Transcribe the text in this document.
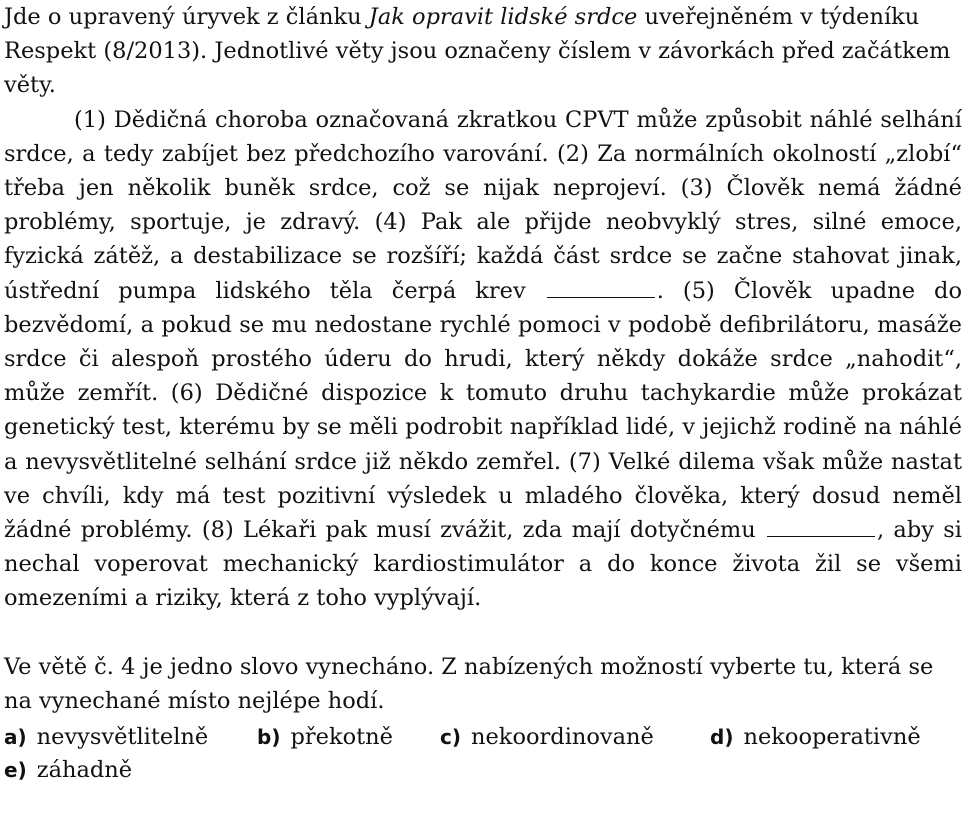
Jde o upravený úryvek z článku Jak opravit lidské srdce uveřejněném v týdeníku Respekt (8/2013). Jednotlivé věty jsou označeny číslem v závorkách před začátkem věty.

(1) Dědičná choroba označovaná zkratkou CPVT může způsobit náhlé selhání srdce, a tedy zabíjet bez předchozího varování. (2) Za normálních okolností „zlobí“ třeba jen několik buněk srdce, což se nijak neprojeví. (3) Člověk nemá žádné problémy, sportuje, je zdravý. (4) Pak ale přijde neobvyklý stres, silné emoce, fyzická zátěž, a destabilizace se rozšíří; každá část srdce se začne stahovat jinak, ústřední pumpa lidského těla čerpá krev	. (5) Člověk upadne do bezvědomí, a pokud se mu nedostane rychlé pomoci v podobě defibrilátoru, masáže srdce či alespoň prostého úderu do hrudi, který někdy dokáže srdce „nahodit“, může zemřít. (6) Dědičné dispozice k tomuto druhu tachykardie může prokázat genetický test, kterému by se měli podrobit například lidé, v jejichž rodině na náhlé a nevysvětlitelné selhání srdce již někdo zemřel. (7) Velké dilema však může nastat ve chvíli, kdy má test pozitivní výsledek u mladého člověka, který dosud neměl žádné problémy. (8) Lékaři pak musí zvážit, zda mají dotyčnému	, aby si nechal voperovat mechanický kardiostimulátor a do konce života žil se všemi omezeními a riziky, která z toho vyplývají.

Ve větě č. 4 je jedno slovo vynecháno. Z nabízených možností vyberte tu, která se na vynechané místo nejlépe hodí.

a) nevysvětlitelně b) překotně c) nekoordinovaně	d) nekooperativně
e) záhadně
